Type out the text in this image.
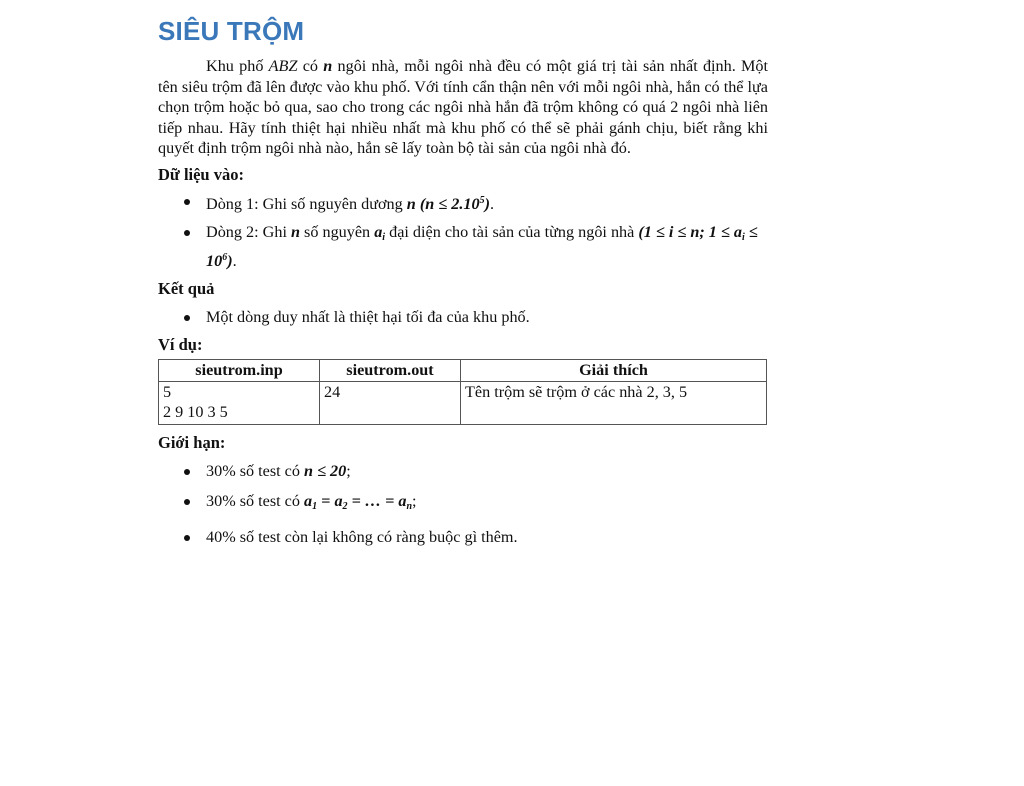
SIÊU TRỘM

Khu phố ABZ có n ngôi nhà, mỗi ngôi nhà đều có một giá trị tài sản nhất định. Một tên siêu trộm đã lên được vào khu phố. Với tính cẩn thận nên với mỗi ngôi nhà, hắn có thể lựa chọn trộm hoặc bỏ qua, sao cho trong các ngôi nhà hắn đã trộm không có quá 2 ngôi nhà liên tiếp nhau. Hãy tính thiệt hại nhiều nhất mà khu phố có thể sẽ phải gánh chịu, biết rằng khi quyết định trộm ngôi nhà nào, hắn sẽ lấy toàn bộ tài sản của ngôi nhà đó.

Dữ liệu vào:

Dòng 1: Ghi số nguyên dương n $(n \le 2.10^5)$.
Dòng 2: Ghi n số nguyên $a_i$ đại diện cho tài sản của từng ngôi nhà (1 ≤ i ≤ n; $1 \le a_i \le 10^6$).

Kết quả

Một dòng duy nhất là thiệt hại tối đa của khu phố.

Ví dụ:

sieutrom.inp	sieutrom.out	Giải thích

5
2 9 10 3 5	24	Tên trộm sẽ trộm ở các nhà 2, 3, 5

Giới hạn:

30% số test có n ≤ 20;
30% số test có $a_1 = a_2$ = … = $a_n$;
40% số test còn lại không có ràng buộc gì thêm.
